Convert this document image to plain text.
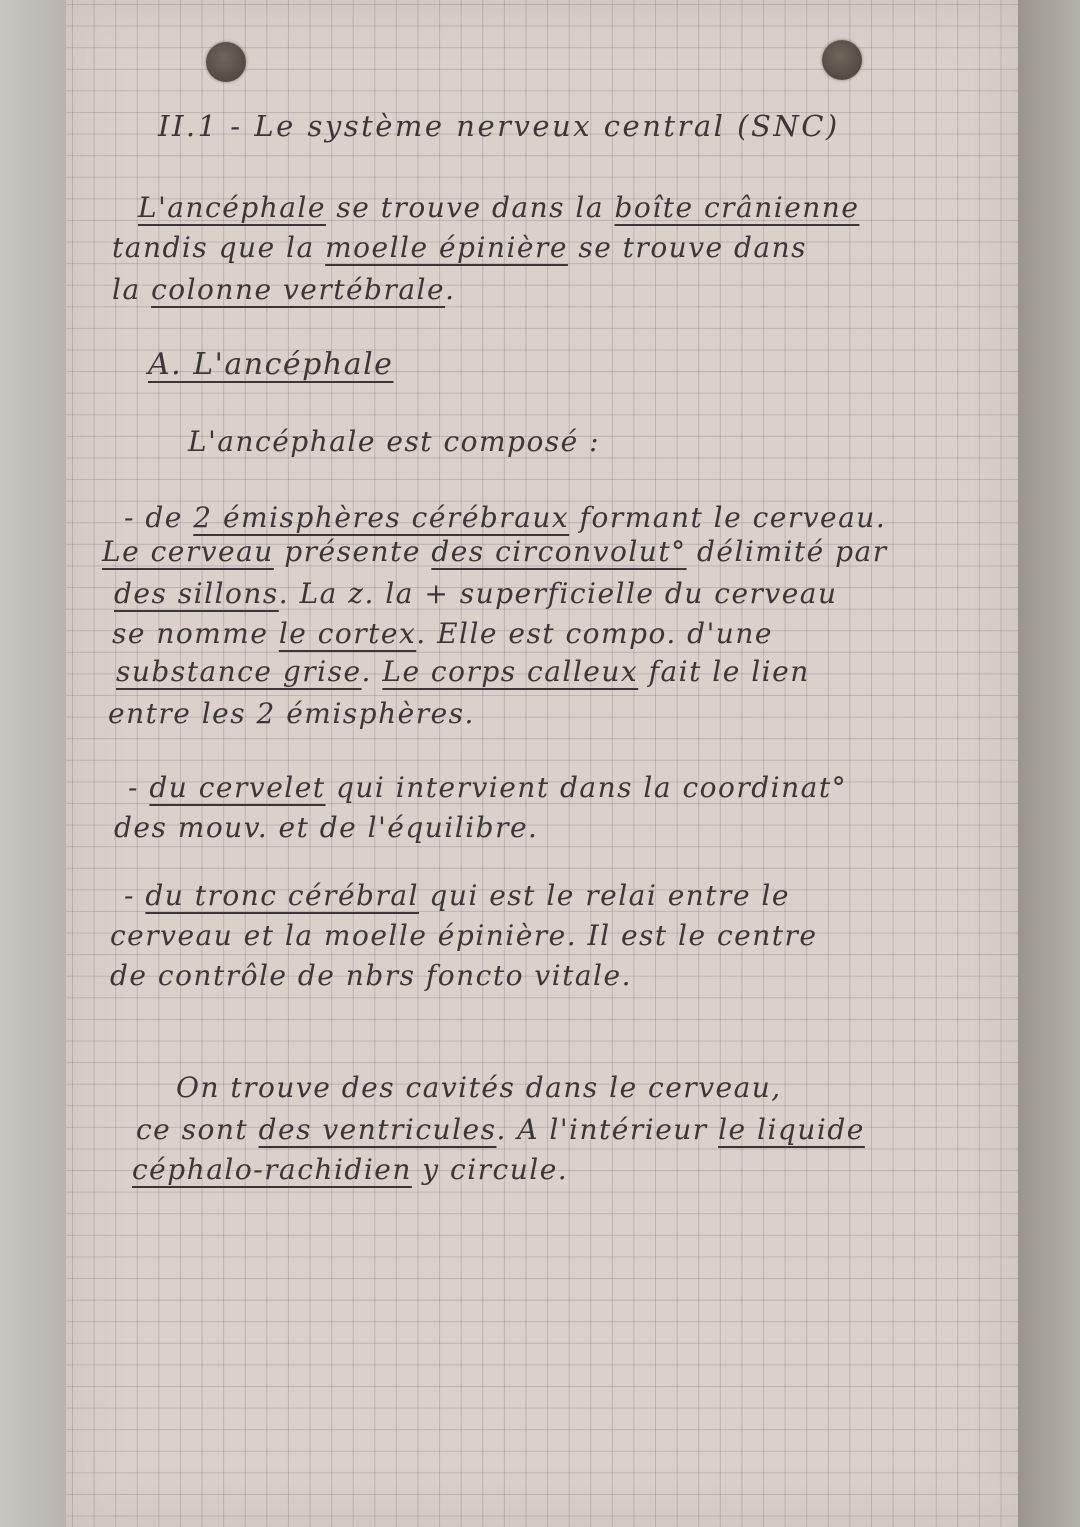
II.1 - Le système nerveux central (SNC)
L'ancéphale se trouve dans la boîte crânienne
tandis que la moelle épinière se trouve dans
la colonne vertébrale.
A. L'ancéphale
L'ancéphale est composé :
- de 2 émisphères cérébraux formant le cerveau.
Le cerveau présente des circonvolut° délimité par
des sillons. La z. la + superficielle du cerveau
se nomme le cortex. Elle est compo. d'une
substance grise. Le corps calleux fait le lien
entre les 2 émisphères.
- du cervelet qui intervient dans la coordinat°
des mouv. et de l'équilibre.
- du tronc cérébral qui est le relai entre le
cerveau et la moelle épinière. Il est le centre
de contrôle de nbrs foncto vitale.
On trouve des cavités dans le cerveau,
ce sont des ventricules. A l'intérieur le liquide
céphalo-rachidien y circule.
